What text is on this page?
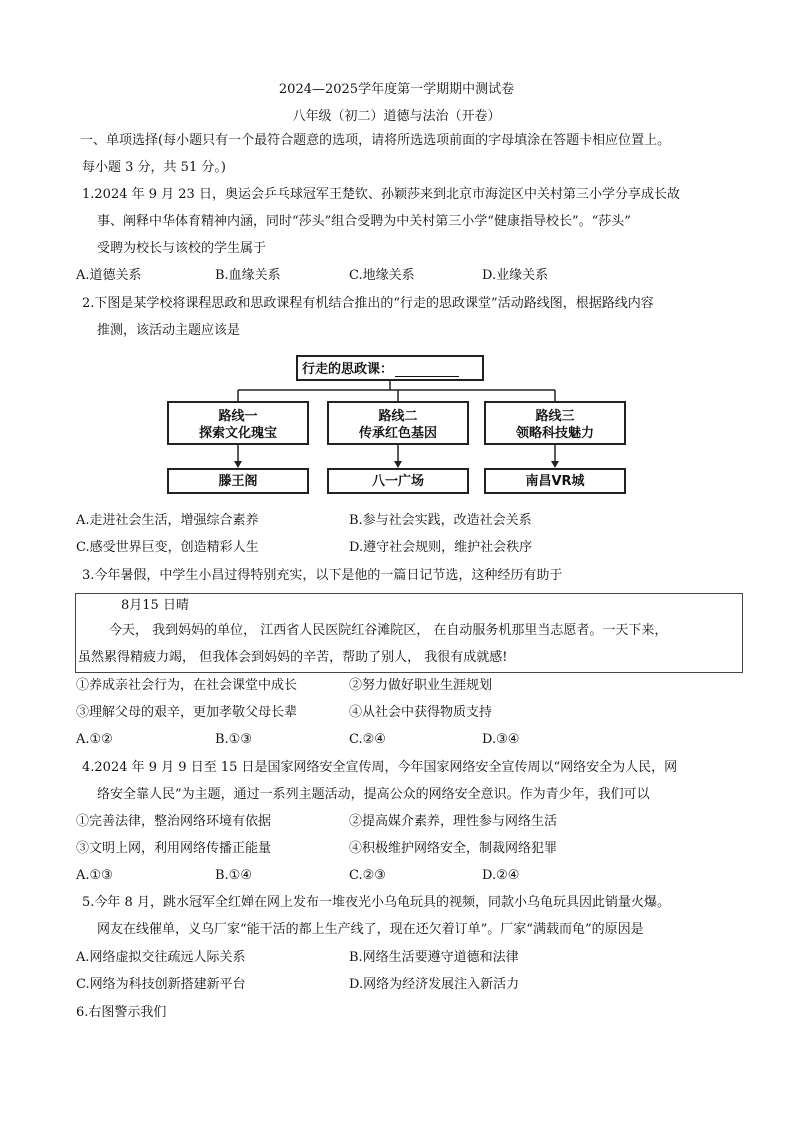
2024—2025学年度第一学期期中测试卷
八年级（初二）道德与法治（开卷）
一、单项选择(每小题只有一个最符合题意的选项，请将所选选项前面的字母填涂在答题卡相应位置上。
每小题 3 分，共 51 分。)
1.2024 年 9 月 23 日，奥运会乒乓球冠军王楚钦、孙颖莎来到北京市海淀区中关村第三小学分享成长故
事、阐释中华体育精神内涵，同时“莎头”组合受聘为中关村第三小学“健康指导校长”。“莎头”
受聘为校长与该校的学生属于
A.道德关系	B.血缘关系	C.地缘关系	D.业缘关系
2.下图是某学校将课程思政和思政课程有机结合推出的“行走的思政课堂”活动路线图，根据路线内容
推测，该活动主题应该是
行走的思政课：
路线一
探索文化瑰宝
路线二
传承红色基因
路线三
领略科技魅力
滕王阁	八一广场	南昌VR城
A.走进社会生活，增强综合素养	B.参与社会实践，改造社会关系
C.感受世界巨变，创造精彩人生	D.遵守社会规则，维护社会秩序
3.今年暑假，中学生小昌过得特别充实，以下是他的一篇日记节选，这种经历有助于
8月15 日晴
今天， 我到妈妈的单位， 江西省人民医院红谷滩院区， 在自动服务机那里当志愿者。一天下来，
虽然累得精疲力竭， 但我体会到妈妈的辛苦，帮助了别人， 我很有成就感!
①养成亲社会行为，在社会课堂中成长	②努力做好职业生涯规划
③理解父母的艰辛，更加孝敬父母长辈	④从社会中获得物质支持
A.①②	B.①③	C.②④	D.③④
4.2024 年 9 月 9 日至 15 日是国家网络安全宣传周，今年国家网络安全宣传周以“网络安全为人民，网
络安全靠人民”为主题，通过一系列主题活动，提高公众的网络安全意识。作为青少年，我们可以
①完善法律，整治网络环境有依据	②提高媒介素养，理性参与网络生活
③文明上网，利用网络传播正能量	④积极维护网络安全，制裁网络犯罪
A.①③	B.①④	C.②③	D.②④
5.今年 8 月，跳水冠军全红婵在网上发布一堆夜光小乌龟玩具的视频，同款小乌龟玩具因此销量火爆。
网友在线催单，义乌厂家“能干活的都上生产线了，现在还欠着订单”。厂家“满载而龟”的原因是
A.网络虚拟交往疏远人际关系	B.网络生活要遵守道德和法律
C.网络为科技创新搭建新平台	D.网络为经济发展注入新活力
6.右图警示我们
